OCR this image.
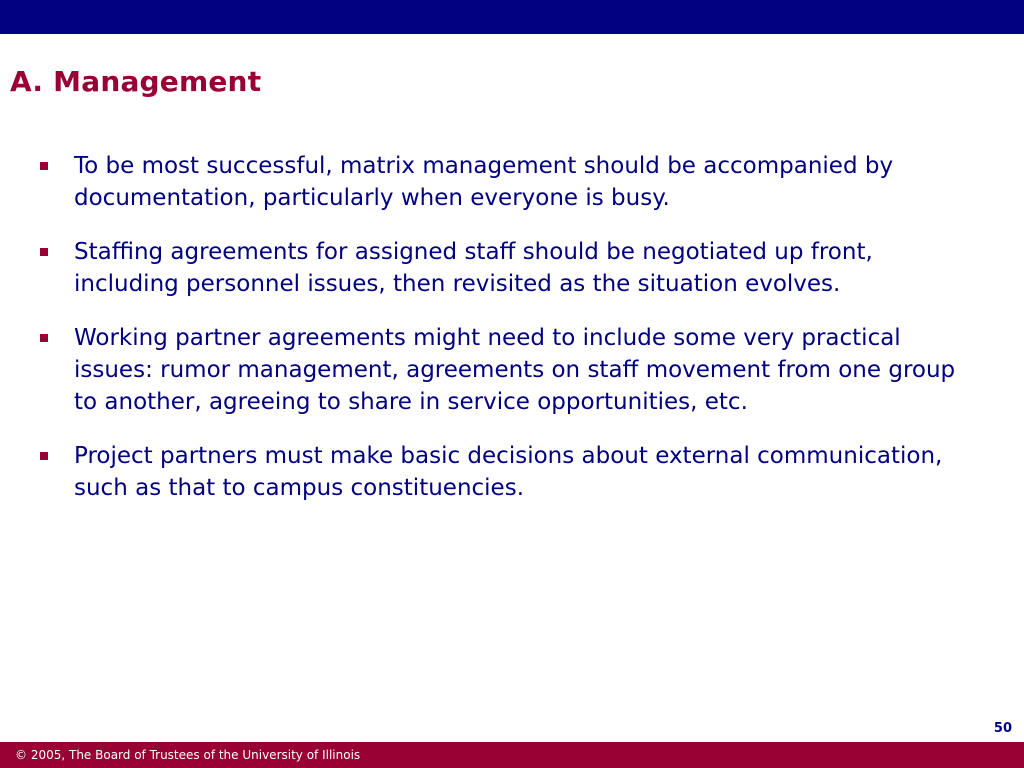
A. Management
To be most successful, matrix management should be accompanied by documentation, particularly when everyone is busy.
Staffing agreements for assigned staff should be negotiated up front, including personnel issues, then revisited as the situation evolves.
Working partner agreements might need to include some very practical issues: rumor management, agreements on staff movement from one group to another, agreeing to share in service opportunities, etc.
Project partners must make basic decisions about external communication, such as that to campus constituencies.
50
© 2005, The Board of Trustees of the University of Illinois
